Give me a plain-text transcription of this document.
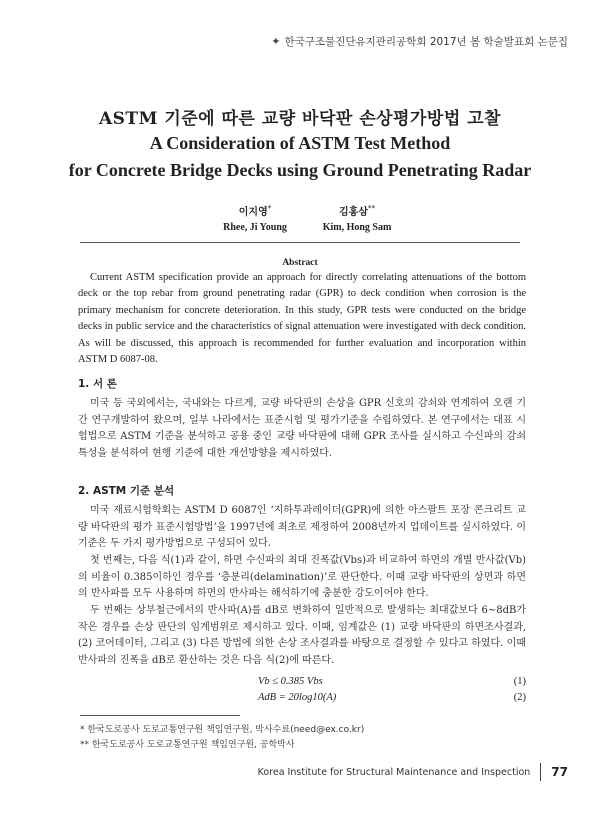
✦ 한국구조물진단유지관리공학회 2017년 봄 학술발표회 논문집
ASTM 기준에 따른 교량 바닥판 손상평가방법 고찰
A Consideration of ASTM Test Method
for Concrete Bridge Decks using Ground Penetrating Radar
이지영*
Rhee, Ji Young
김홍삼**
Kim, Hong Sam
Abstract
Current ASTM specification provide an approach for directly correlating attenuations of the bottom deck or the top rebar from ground penetrating radar (GPR) to deck condition when corrosion is the primary mechanism for concrete deterioration. In this study, GPR tests were conducted on the bridge decks in public service and the characteristics of signal attenuation were investigated with deck condition. As will be discussed, this approach is recommended for further evaluation and incorporation within ASTM D 6087-08.
1. 서 론
미국 등 국외에서는, 국내와는 다르게, 교량 바닥판의 손상을 GPR 신호의 감쇠와 연계하여 오랜 기간 연구개발하여 왔으며, 일부 나라에서는 표준시험 및 평가기준을 수립하였다. 본 연구에서는 대표 시험법으로 ASTM 기준을 분석하고 공용 중인 교량 바닥판에 대해 GPR 조사를 실시하고 수신파의 감쇠 특성을 분석하여 현행 기준에 대한 개선방향을 제시하였다.
2. ASTM 기준 분석
미국 재료시험학회는 ASTM D 6087인 ‘지하투과레이더(GPR)에 의한 아스팔트 포장 콘크리트 교량 바닥판의 평가 표준시험방법’을 1997년에 최초로 제정하여 2008년까지 업데이트를 실시하였다. 이 기준은 두 가지 평가방법으로 구성되어 있다.
첫 번째는, 다음 식(1)과 같이, 하면 수신파의 최대 진폭값(Vbs)과 비교하여 하면의 개별 반사값(Vb)의 비율이 0.385이하인 경우를 ‘층분리(delamination)’로 판단한다. 이때 교량 바닥판의 상면과 하면의 반사파를 모두 사용하며 하면의 반사파는 해석하기에 충분한 강도이어야 한다.
두 번째는 상부철근에서의 반사파(A)를 dB로 변화하여 일반적으로 발생하는 최대값보다 6~8dB가 작은 경우를 손상 판단의 임계범위로 제시하고 있다. 이때, 임계값은 (1) 교량 바닥판의 하면조사결과, (2) 코어데이터, 그리고 (3) 다른 방법에 의한 손상 조사결과를 바탕으로 결정할 수 있다고 하였다. 이때 반사파의 진폭을 dB로 환산하는 것은 다음 식(2)에 따른다.
Vb ≤ 0.385 Vbs	(1)
AdB = 20log10(A)	(2)
* 한국도로공사 도로교통연구원 책임연구원, 박사수료(need@ex.co.kr)
** 한국도로공사 도로교통연구원 책임연구원, 공학박사
Korea Institute for Structural Maintenance and Inspection 77
